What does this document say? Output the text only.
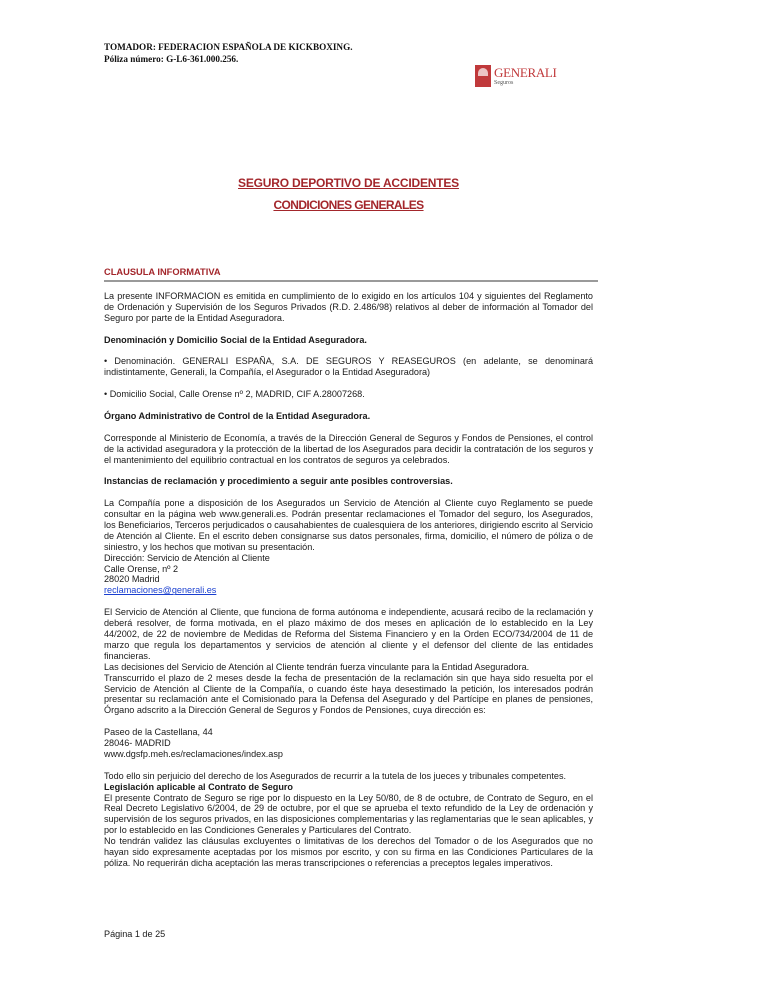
TOMADOR: FEDERACION ESPAÑOLA DE KICKBOXING.
Póliza número: G-L6-361.000.256.
GENERALI
Seguros
SEGURO DEPORTIVO DE ACCIDENTES
CONDICIONES GENERALES
CLAUSULA INFORMATIVA

La presente INFORMACION es emitida en cumplimiento de lo exigido en los artículos 104 y siguientes del Reglamento de Ordenación y Supervisión de los Seguros Privados (R.D. 2.486/98) relativos al deber de información al Tomador del Seguro por parte de la Entidad Aseguradora.

Denominación y Domicilio Social de la Entidad Aseguradora.

• Denominación. GENERALI ESPAÑA, S.A. DE SEGUROS Y REASEGUROS (en adelante, se denominará indistintamente, Generali, la Compañía, el Asegurador o la Entidad Aseguradora)

• Domicilio Social, Calle Orense nº 2, MADRID, CIF A.28007268.

Órgano Administrativo de Control de la Entidad Aseguradora.

Corresponde al Ministerio de Economía, a través de la Dirección General de Seguros y Fondos de Pensiones, el control de la actividad aseguradora y la protección de la libertad de los Asegurados para decidir la contratación de los seguros y el mantenimiento del equilibrio contractual en los contratos de seguros ya celebrados.

Instancias de reclamación y procedimiento a seguir ante posibles controversias.

La Compañía pone a disposición de los Asegurados un Servicio de Atención al Cliente cuyo Reglamento se puede consultar en la página web www.generali.es. Podrán presentar reclamaciones el Tomador del seguro, los Asegurados, los Beneficiarios, Terceros perjudicados o causahabientes de cualesquiera de los anteriores, dirigiendo escrito al Servicio de Atención al Cliente. En el escrito deben consignarse sus datos personales, firma, domicilio, el número de póliza o de siniestro, y los hechos que motivan su presentación.

Dirección: Servicio de Atención al Cliente

Calle Orense, nº 2

28020 Madrid

reclamaciones@generali.es

El Servicio de Atención al Cliente, que funciona de forma autónoma e independiente, acusará recibo de la reclamación y deberá resolver, de forma motivada, en el plazo máximo de dos meses en aplicación de lo establecido en la Ley 44/2002, de 22 de noviembre de Medidas de Reforma del Sistema Financiero y en la Orden ECO/734/2004 de 11 de marzo que regula los departamentos y servicios de atención al cliente y el defensor del cliente de las entidades financieras.

Las decisiones del Servicio de Atención al Cliente tendrán fuerza vinculante para la Entidad Aseguradora.

Transcurrido el plazo de 2 meses desde la fecha de presentación de la reclamación sin que haya sido resuelta por el Servicio de Atención al Cliente de la Compañía, o cuando éste haya desestimado la petición, los interesados podrán presentar su reclamación ante el Comisionado para la Defensa del Asegurado y del Partícipe en planes de pensiones, Órgano adscrito a la Dirección General de Seguros y Fondos de Pensiones, cuya dirección es:

Paseo de la Castellana, 44

28046- MADRID

www.dgsfp.meh.es/reclamaciones/index.asp

Todo ello sin perjuicio del derecho de los Asegurados de recurrir a la tutela de los jueces y tribunales competentes.

Legislación aplicable al Contrato de Seguro

El presente Contrato de Seguro se rige por lo dispuesto en la Ley 50/80, de 8 de octubre, de Contrato de Seguro, en el Real Decreto Legislativo 6/2004, de 29 de octubre, por el que se aprueba el texto refundido de la Ley de ordenación y supervisión de los seguros privados, en las disposiciones complementarias y las reglamentarias que le sean aplicables, y por lo establecido en las Condiciones Generales y Particulares del Contrato.

No tendrán validez las cláusulas excluyentes o limitativas de los derechos del Tomador o de los Asegurados que no hayan sido expresamente aceptadas por los mismos por escrito, y con su firma en las Condiciones Particulares de la póliza. No requerirán dicha aceptación las meras transcripciones o referencias a preceptos legales imperativos.

Página 1 de 25
